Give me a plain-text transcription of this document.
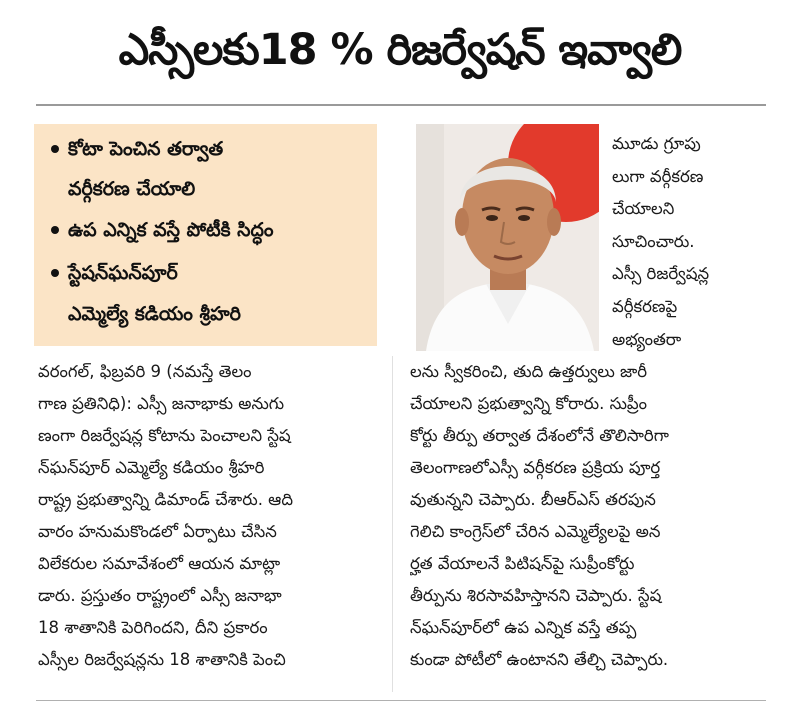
ఎస్సీలకు18 % రిజర్వేషన్ ఇవ్వాలి
కోటా పెంచిన తర్వాత
వర్గీకరణ చేయాలి
ఉప ఎన్నిక వస్తే పోటీకి సిద్ధం
స్టేషన్‌ఘన్‌పూర్
ఎమ్మెల్యే కడియం శ్రీహరి
మూడు గ్రూపు
లుగా వర్గీకరణ
చేయాలని
సూచించారు.
ఎస్సీ రిజర్వేషన్ల
వర్గీకరణపై
అభ్యంతరా
వరంగల్, ఫిబ్రవరి 9 (నమస్తే తెలం
గాణ ప్రతినిధి): ఎస్సీ జనాభాకు అనుగు
ణంగా రిజర్వేషన్ల కోటాను పెంచాలని స్టేష
న్‌ఘన్‌పూర్ ఎమ్మెల్యే కడియం శ్రీహరి
రాష్ట్ర ప్రభుత్వాన్ని డిమాండ్ చేశారు. ఆది
వారం హనుమకొండలో ఏర్పాటు చేసిన
విలేకరుల సమావేశంలో ఆయన మాట్లా
డారు. ప్రస్తుతం రాష్ట్రంలో ఎస్సీ జనాభా
18 శాతానికి పెరిగిందని, దీని ప్రకారం
ఎస్సీల రిజర్వేషన్లను 18 శాతానికి పెంచి
లను స్వీకరించి, తుది ఉత్తర్వులు జారీ
చేయాలని ప్రభుత్వాన్ని కోరారు. సుప్రీం
కోర్టు తీర్పు తర్వాత దేశంలోనే తొలిసారిగా
తెలంగాణలోఎస్సీ వర్గీకరణ ప్రక్రియ పూర్త
వుతున్నని చెప్పారు. బీఆర్ఎస్ తరపున
గెలిచి కాంగ్రెస్‌లో చేరిన ఎమ్మెల్యేలపై అన
ర్హత వేయాలనే పిటిషన్‌పై సుప్రీంకోర్టు
తీర్పును శిరసావహిస్తానని చెప్పారు. స్టేష
న్‌ఘన్‌పూర్‌లో ఉప ఎన్నిక వస్తే తప్ప
కుండా పోటీలో ఉంటానని తేల్చి చెప్పారు.
